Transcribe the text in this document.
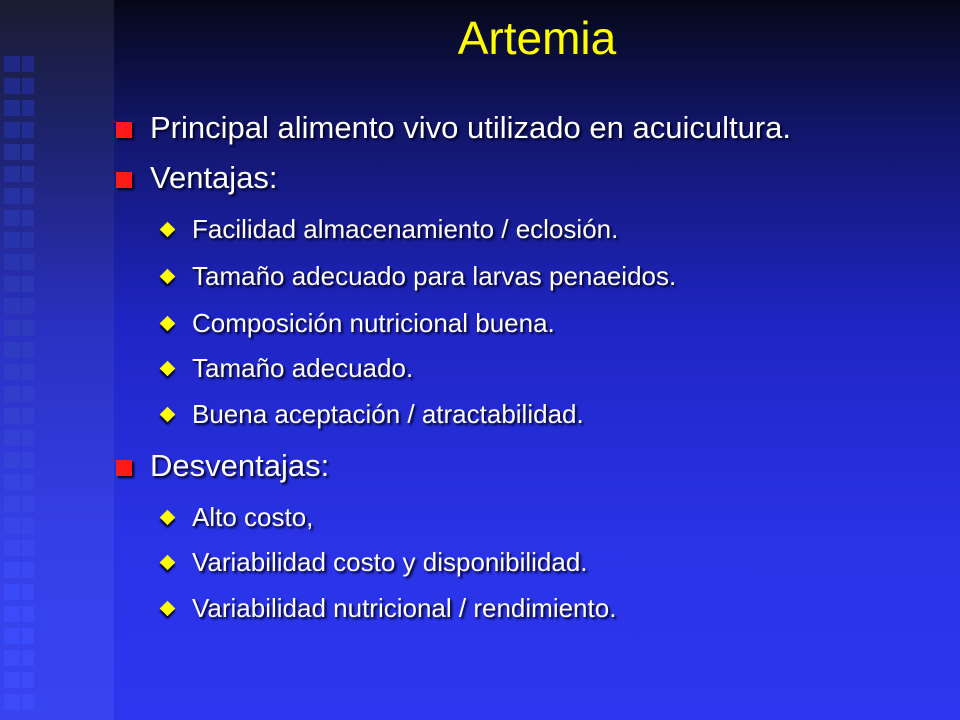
Artemia
Principal alimento vivo utilizado en acuicultura.
Ventajas:
Facilidad almacenamiento / eclosión.
Tamaño adecuado para larvas penaeidos.
Composición nutricional buena.
Tamaño adecuado.
Buena aceptación / atractabilidad.
Desventajas:
Alto costo,
Variabilidad costo y disponibilidad.
Variabilidad nutricional / rendimiento.
